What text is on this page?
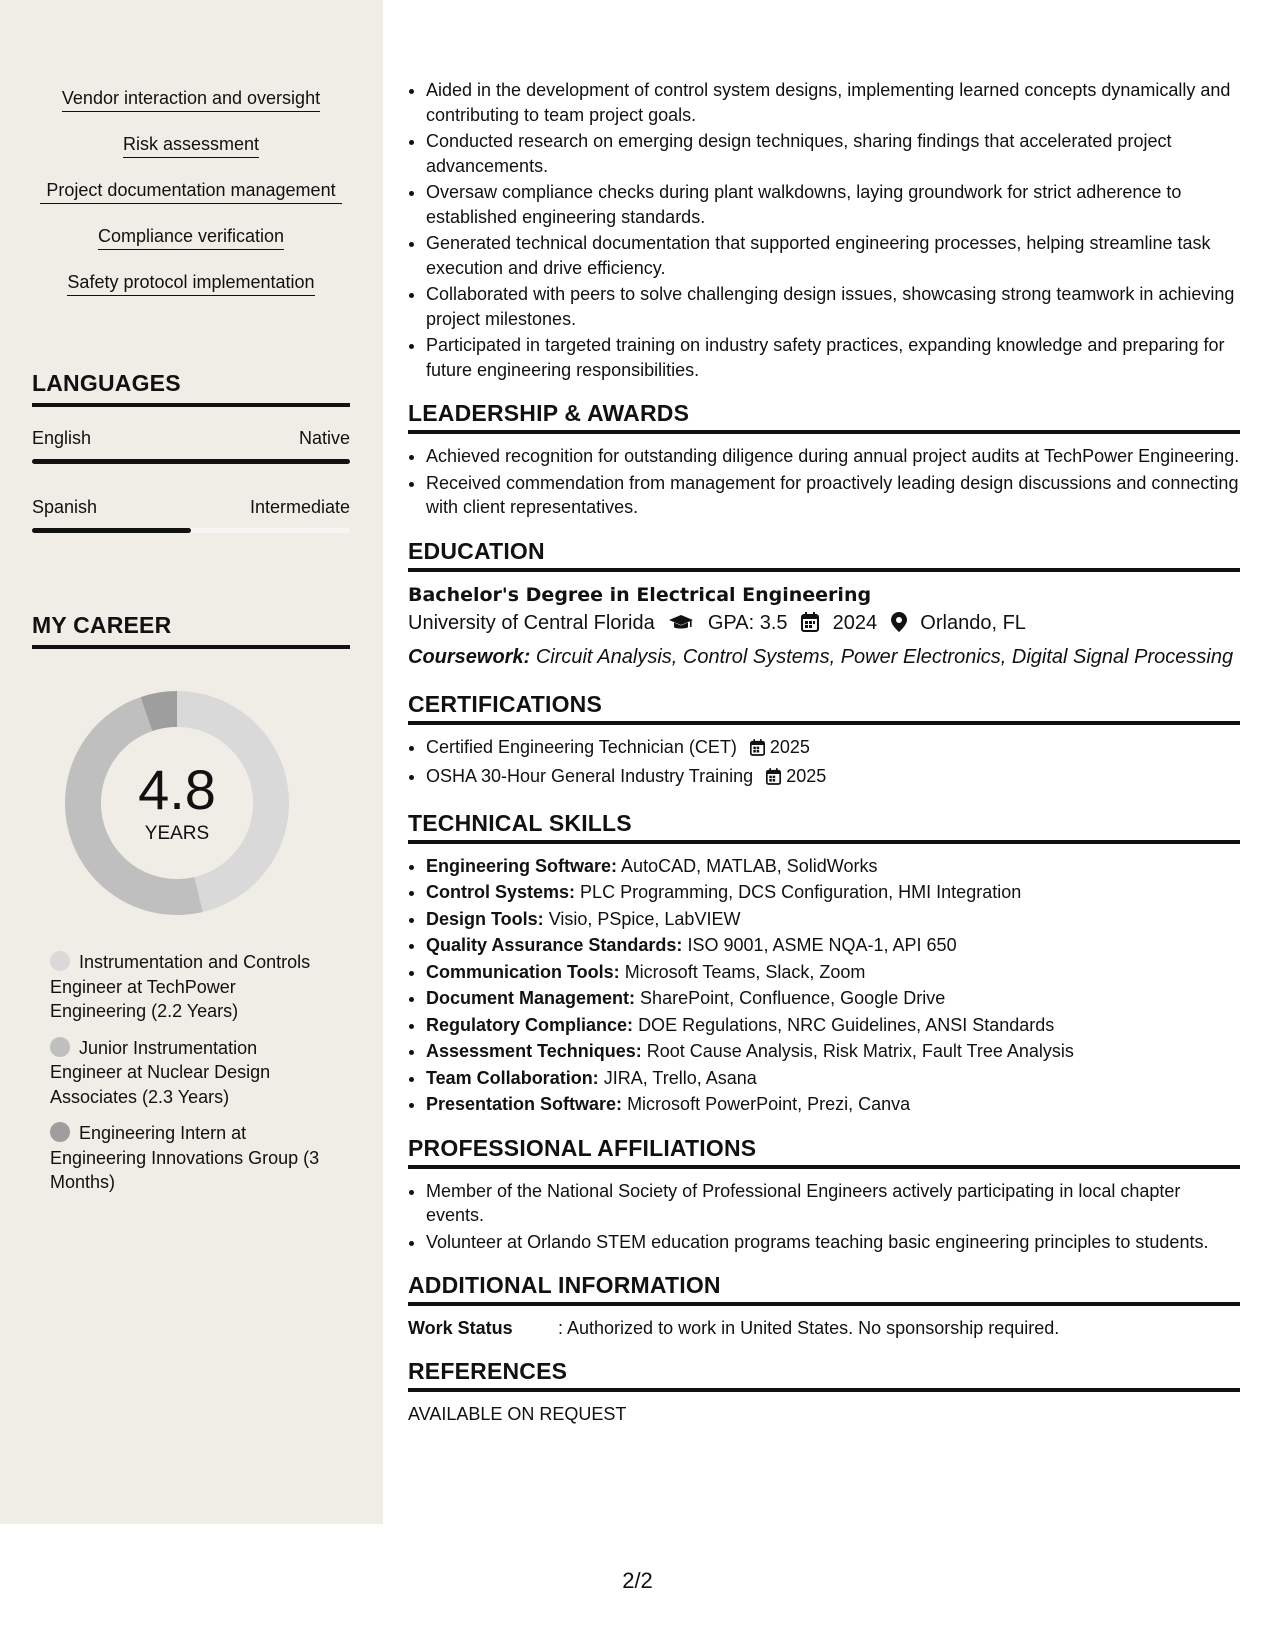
Vendor interaction and oversight
Risk assessment
Project documentation management
Compliance verification
Safety protocol implementation
LANGUAGES
English	Native
Spanish	Intermediate
MY CAREER
4.8
YEARS
Instrumentation and Controls Engineer at TechPower Engineering (2.2 Years)
Junior Instrumentation Engineer at Nuclear Design Associates (2.3 Years)
Engineering Intern at Engineering Innovations Group (3 Months)
• Aided in the development of control system designs, implementing learned concepts dynamically and contributing to team project goals.
• Conducted research on emerging design techniques, sharing findings that accelerated project advancements.
• Oversaw compliance checks during plant walkdowns, laying groundwork for strict adherence to established engineering standards.
• Generated technical documentation that supported engineering processes, helping streamline task execution and drive efficiency.
• Collaborated with peers to solve challenging design issues, showcasing strong teamwork in achieving project milestones.
• Participated in targeted training on industry safety practices, expanding knowledge and preparing for future engineering responsibilities.
LEADERSHIP & AWARDS
• Achieved recognition for outstanding diligence during annual project audits at TechPower Engineering.
• Received commendation from management for proactively leading design discussions and connecting with client representatives.
EDUCATION
Bachelor's Degree in Electrical Engineering
University of Central Florida	GPA: 3.5 2024 Orlando, FL
Coursework: Circuit Analysis, Control Systems, Power Electronics, Digital Signal Processing
CERTIFICATIONS
• Certified Engineering Technician (CET) 2025
• OSHA 30-Hour General Industry Training 2025
TECHNICAL SKILLS
• Engineering Software: AutoCAD, MATLAB, SolidWorks
• Control Systems: PLC Programming, DCS Configuration, HMI Integration
• Design Tools: Visio, PSpice, LabVIEW
• Quality Assurance Standards: ISO 9001, ASME NQA-1, API 650
• Communication Tools: Microsoft Teams, Slack, Zoom
• Document Management: SharePoint, Confluence, Google Drive
• Regulatory Compliance: DOE Regulations, NRC Guidelines, ANSI Standards
• Assessment Techniques: Root Cause Analysis, Risk Matrix, Fault Tree Analysis
• Team Collaboration: JIRA, Trello, Asana
• Presentation Software: Microsoft PowerPoint, Prezi, Canva
PROFESSIONAL AFFILIATIONS
• Member of the National Society of Professional Engineers actively participating in local chapter events.
• Volunteer at Orlando STEM education programs teaching basic engineering principles to students.
ADDITIONAL INFORMATION
Work Status	: Authorized to work in United States. No sponsorship required.
REFERENCES
AVAILABLE ON REQUEST
2/2
